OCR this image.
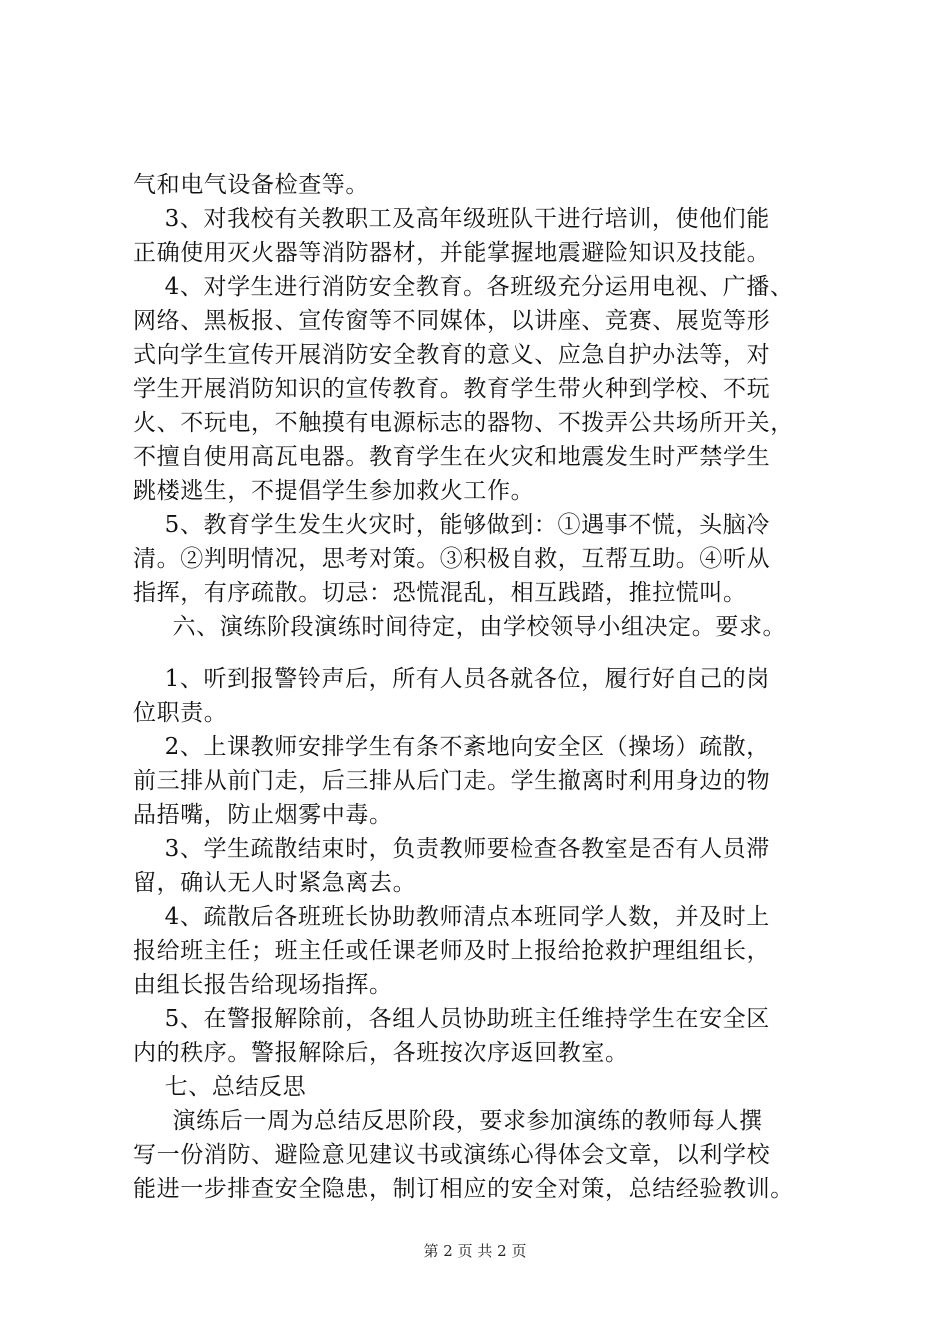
气和电气设备检查等。
3、对我校有关教职工及高年级班队干进行培训，使他们能
正确使用灭火器等消防器材，并能掌握地震避险知识及技能。
4、对学生进行消防安全教育。各班级充分运用电视、广播、
网络、黑板报、宣传窗等不同媒体，以讲座、竞赛、展览等形
式向学生宣传开展消防安全教育的意义、应急自护办法等，对
学生开展消防知识的宣传教育。教育学生带火种到学校、不玩
火、不玩电，不触摸有电源标志的器物、不拨弄公共场所开关，
不擅自使用高瓦电器。教育学生在火灾和地震发生时严禁学生
跳楼逃生，不提倡学生参加救火工作。
5、教育学生发生火灾时，能够做到：①遇事不慌，头脑冷
清。②判明情况，思考对策。③积极自救，互帮互助。④听从
指挥，有序疏散。切忌：恐慌混乱，相互践踏，推拉慌叫。
六、演练阶段演练时间待定，由学校领导小组决定。要求。
1、听到报警铃声后，所有人员各就各位，履行好自己的岗
位职责。
2、上课教师安排学生有条不紊地向安全区（操场）疏散，
前三排从前门走，后三排从后门走。学生撤离时利用身边的物
品捂嘴，防止烟雾中毒。
3、学生疏散结束时，负责教师要检查各教室是否有人员滞
留，确认无人时紧急离去。
4、疏散后各班班长协助教师清点本班同学人数，并及时上
报给班主任；班主任或任课老师及时上报给抢救护理组组长，
由组长报告给现场指挥。
5、在警报解除前，各组人员协助班主任维持学生在安全区
内的秩序。警报解除后，各班按次序返回教室。
七、总结反思
演练后一周为总结反思阶段，要求参加演练的教师每人撰
写一份消防、避险意见建议书或演练心得体会文章，以利学校
能进一步排查安全隐患，制订相应的安全对策，总结经验教训。
第 2 页 共 2 页
